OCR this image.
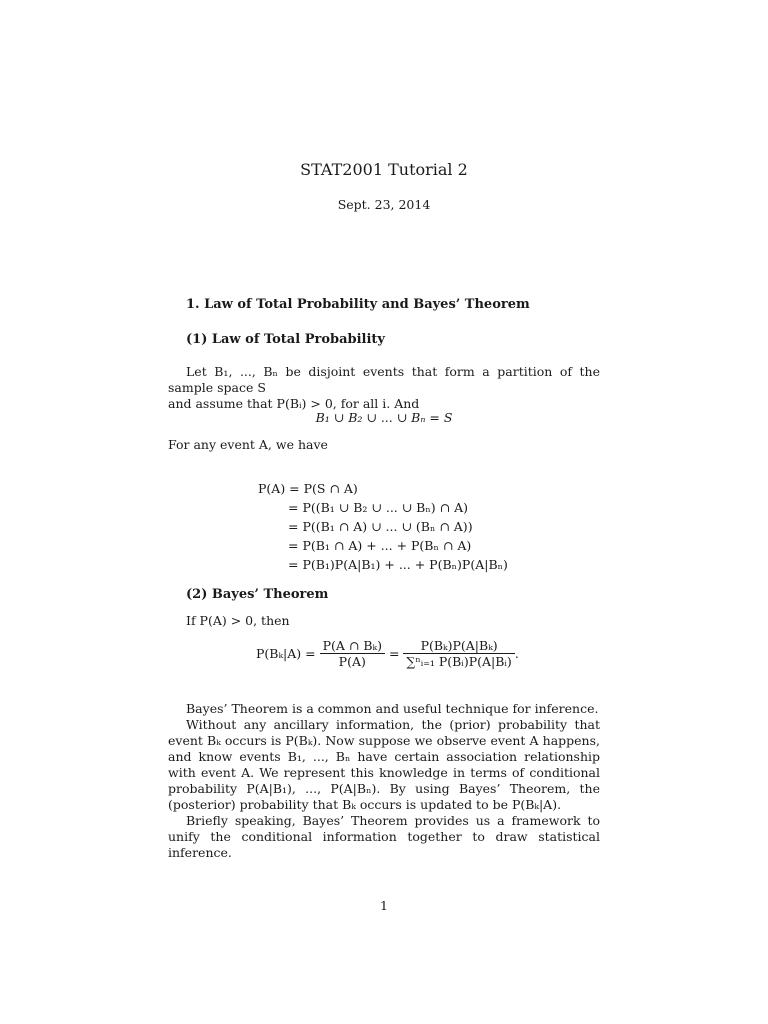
STAT2001 Tutorial 2
Sept. 23, 2014
1. Law of Total Probability and Bayes’ Theorem
(1) Law of Total Probability
Let B₁, ..., Bₙ be disjoint events that form a partition of the sample space S
and assume that P(Bᵢ) > 0, for all i. And
B₁ ∪ B₂ ∪ ... ∪ Bₙ = S
For any event A, we have
P(A) = P(S ∩ A)
= P((B₁ ∪ B₂ ∪ ... ∪ Bₙ) ∩ A)
= P((B₁ ∩ A) ∪ ... ∪ (Bₙ ∩ A))
= P(B₁ ∩ A) + ... + P(Bₙ ∩ A)
= P(B₁)P(A|B₁) + ... + P(Bₙ)P(A|Bₙ)
(2) Bayes’ Theorem
If P(A) > 0, then
$P(B_k|A) = \frac{\text{P(A ∩ Bₖ)}}{P(A)} = \frac{\text{P(Bₖ)P(A|Bₖ)}}{\text{∑ⁿᵢ₌₁ P(Bᵢ)P(A|Bᵢ)}}$ .
Bayes’ Theorem is a common and useful technique for inference.
Without any ancillary information, the (prior) probability that event Bₖ occurs is P(Bₖ). Now suppose we observe event A happens, and know events B₁, ..., Bₙ have certain association relationship with event A. We represent this knowledge in terms of conditional probability P(A|B₁), ..., P(A|Bₙ). By using Bayes’ Theorem, the (posterior) probability that Bₖ occurs is updated to be P(Bₖ|A).
Briefly speaking, Bayes’ Theorem provides us a framework to unify the conditional information together to draw statistical inference.
1
